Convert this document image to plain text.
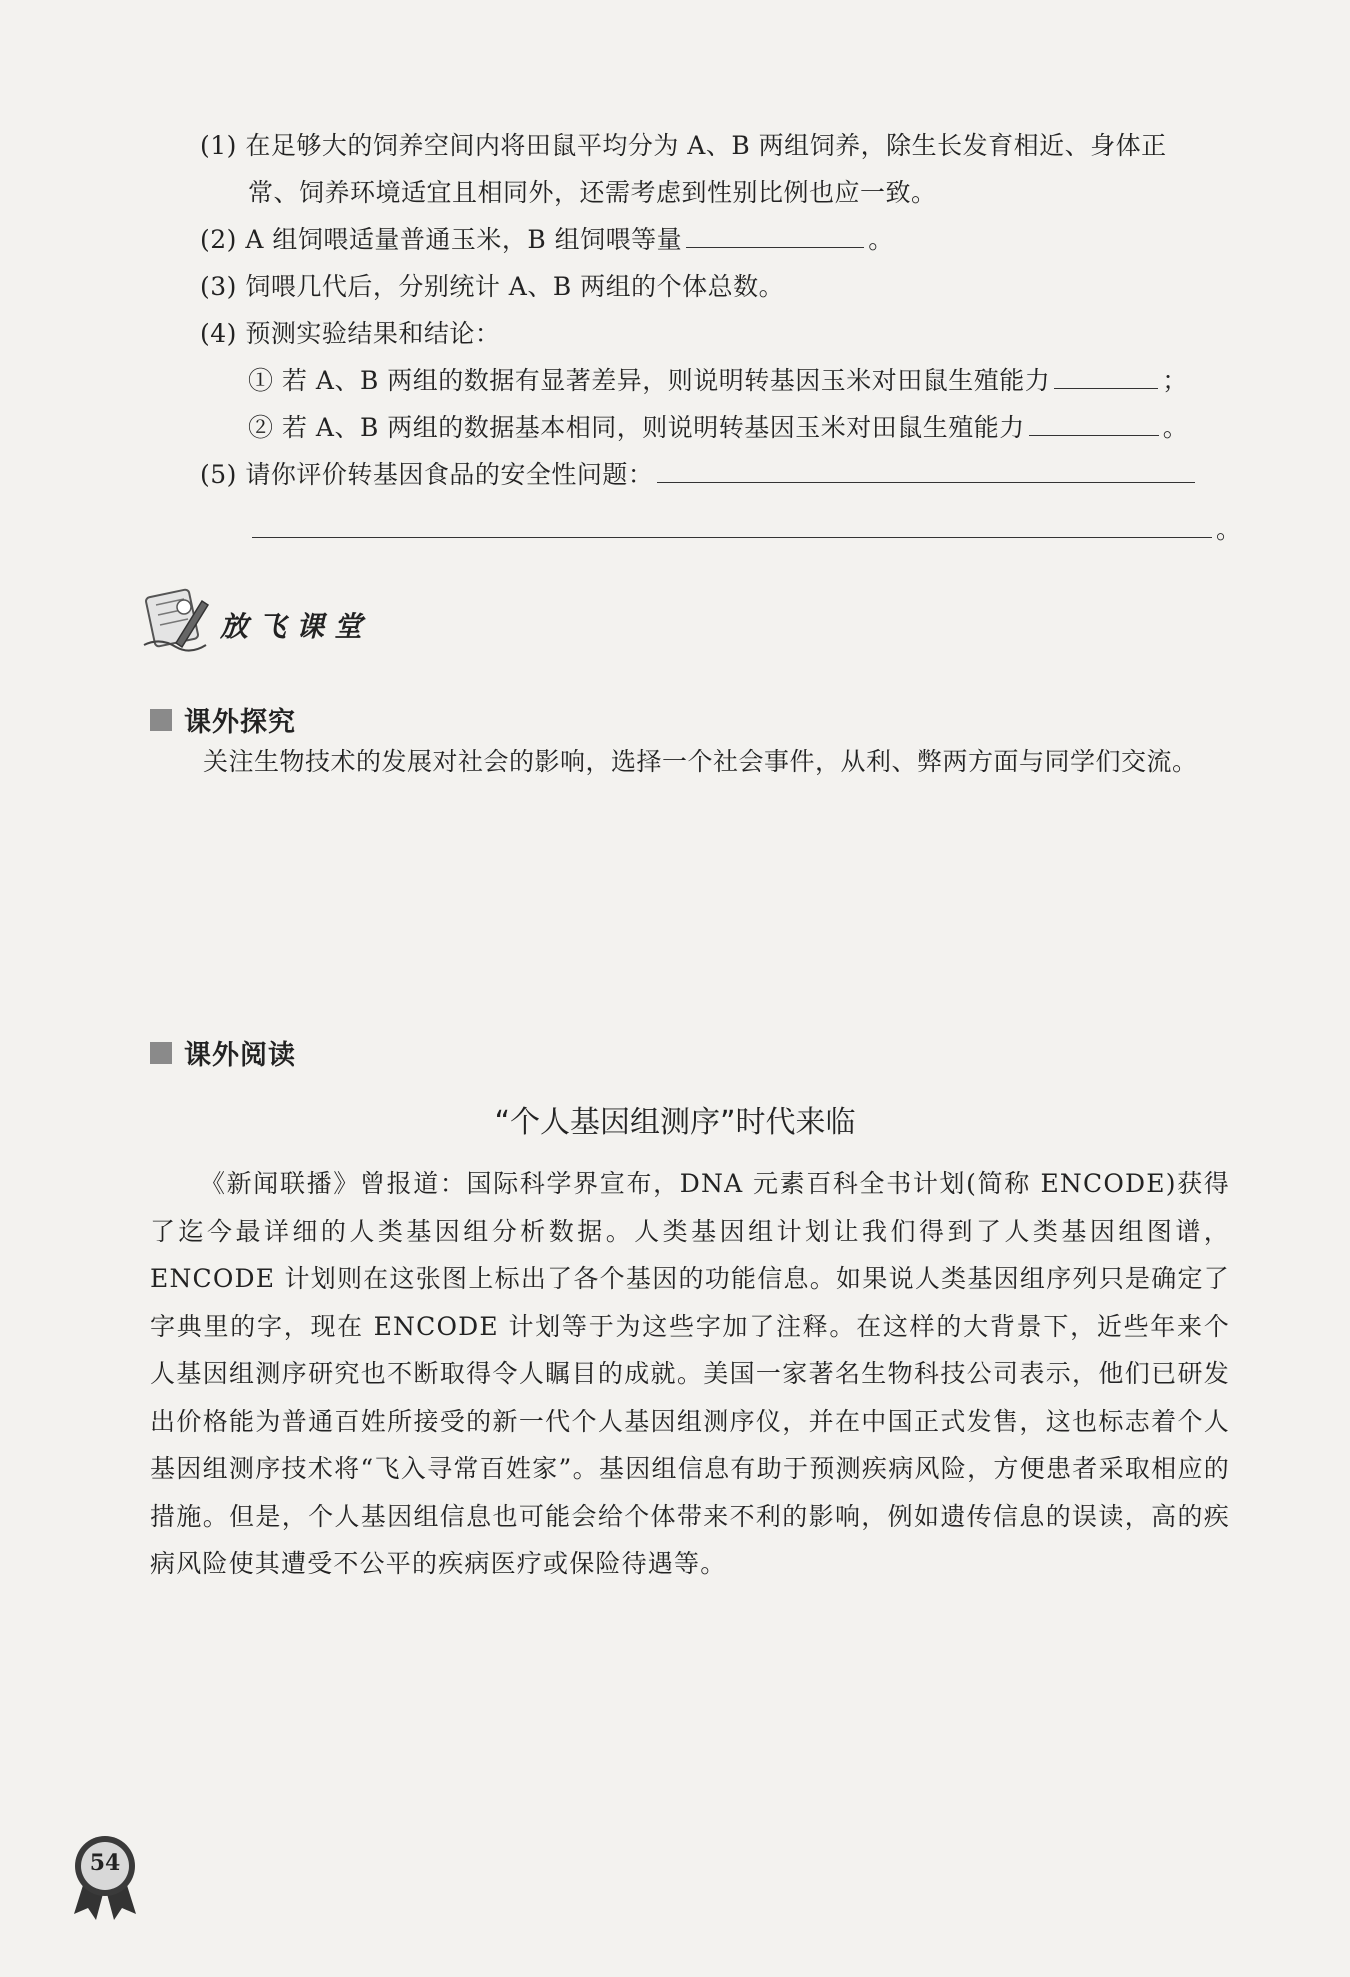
(1) 在足够大的饲养空间内将田鼠平均分为 A、B 两组饲养，除生长发育相近、身体正
常、饲养环境适宜且相同外，还需考虑到性别比例也应一致。
(2) A 组饲喂适量普通玉米，B 组饲喂等量	。
(3) 饲喂几代后，分别统计 A、B 两组的个体总数。
(4) 预测实验结果和结论：
① 若 A、B 两组的数据有显著差异，则说明转基因玉米对田鼠生殖能力	；
② 若 A、B 两组的数据基本相同，则说明转基因玉米对田鼠生殖能力	。
(5) 请你评价转基因食品的安全性问题：
。
放飞课堂
课外探究
关注生物技术的发展对社会的影响，选择一个社会事件，从利、弊两方面与同学们交流。
课外阅读
“个人基因组测序”时代来临

《新闻联播》曾报道：国际科学界宣布，DNA 元素百科全书计划(简称 ENCODE)获得了迄今最详细的人类基因组分析数据。人类基因组计划让我们得到了人类基因组图谱，ENCODE 计划则在这张图上标出了各个基因的功能信息。如果说人类基因组序列只是确定了字典里的字，现在 ENCODE 计划等于为这些字加了注释。在这样的大背景下，近些年来个人基因组测序研究也不断取得令人瞩目的成就。美国一家著名生物科技公司表示，他们已研发出价格能为普通百姓所接受的新一代个人基因组测序仪，并在中国正式发售，这也标志着个人基因组测序技术将“飞入寻常百姓家”。基因组信息有助于预测疾病风险，方便患者采取相应的措施。但是，个人基因组信息也可能会给个体带来不利的影响，例如遗传信息的误读，高的疾病风险使其遭受不公平的疾病医疗或保险待遇等。

54
